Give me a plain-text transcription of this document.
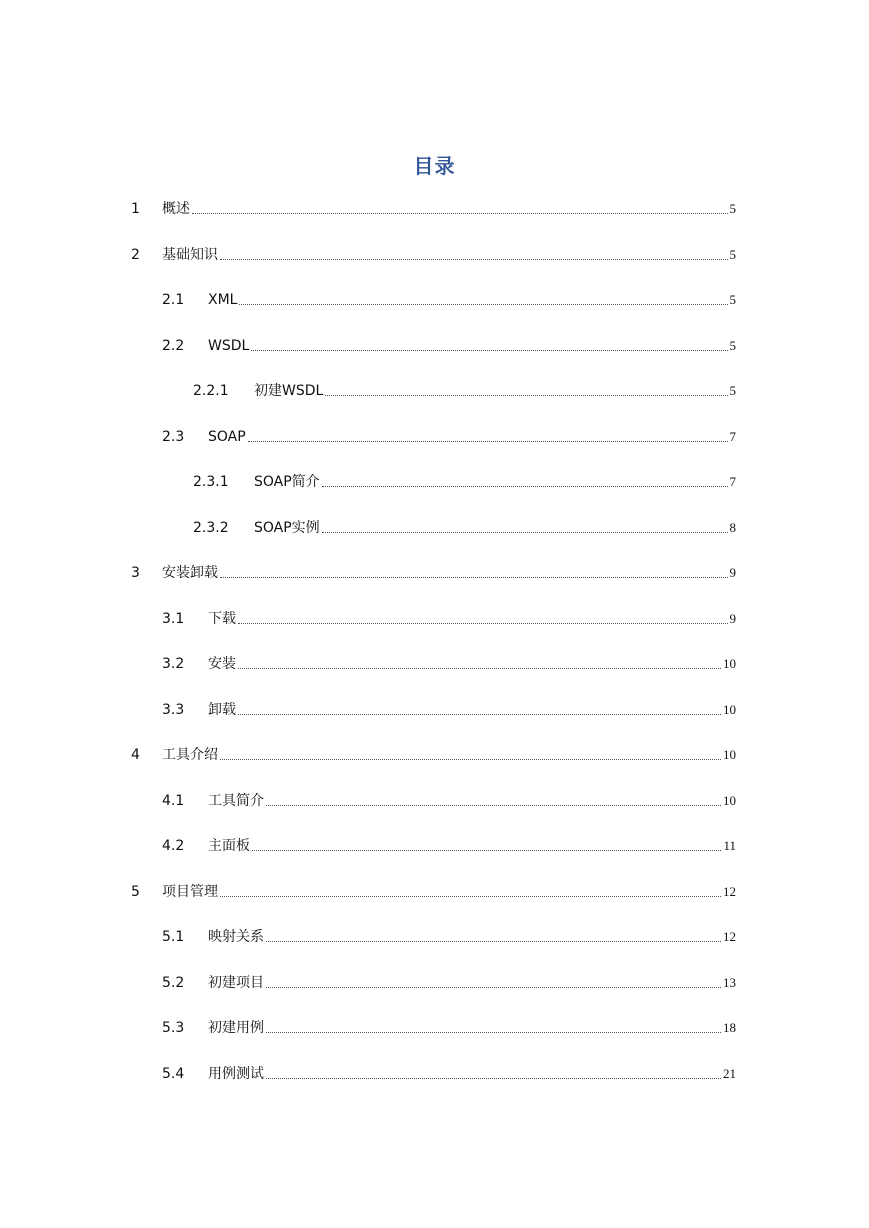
目录
1	概述	5
2	基础知识	5
2.1	XML	5
2.2	WSDL	5
2.2.1	初建WSDL	5
2.3	SOAP	7
2.3.1	SOAP简介	7
2.3.2	SOAP实例	8
3	安装卸载	9
3.1	下载	9
3.2	安装	10
3.3	卸载	10
4	工具介绍	10
4.1	工具简介	10
4.2	主面板	11
5	项目管理	12
5.1	映射关系	12
5.2	初建项目	13
5.3	初建用例	18
5.4	用例测试	21
